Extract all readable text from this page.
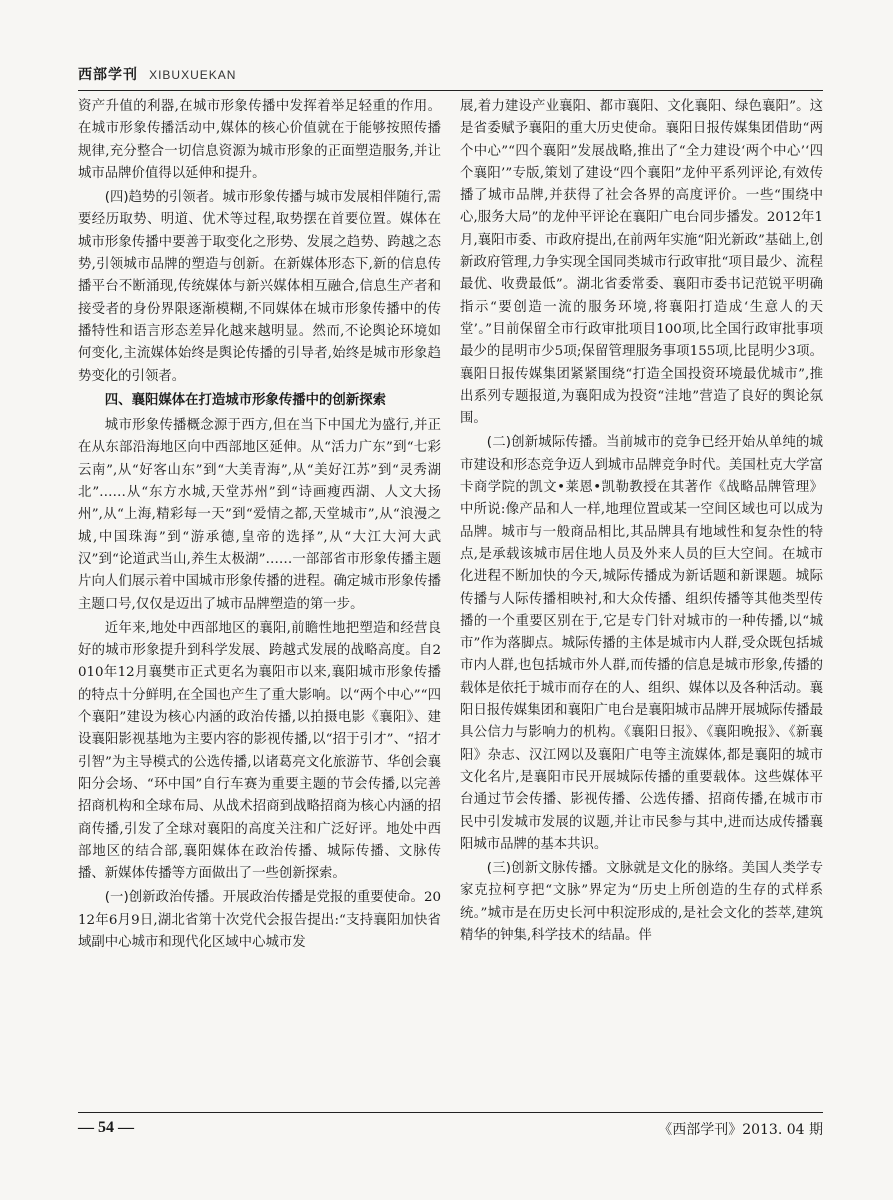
西部学刊 XIBUXUEKAN

资产升值的利器,在城市形象传播中发挥着举足轻重的作用。在城市形象传播活动中,媒体的核心价值就在于能够按照传播规律,充分整合一切信息资源为城市形象的正面塑造服务,并让城市品牌价值得以延伸和提升。

(四)趋势的引领者。城市形象传播与城市发展相伴随行,需要经历取势、明道、优术等过程,取势摆在首要位置。媒体在城市形象传播中要善于取变化之形势、发展之趋势、跨越之态势,引领城市品牌的塑造与创新。在新媒体形态下,新的信息传播平台不断涌现,传统媒体与新兴媒体相互融合,信息生产者和接受者的身份界限逐渐模糊,不同媒体在城市形象传播中的传播特性和语言形态差异化越来越明显。然而,不论舆论环境如何变化,主流媒体始终是舆论传播的引导者,始终是城市形象趋势变化的引领者。

四、襄阳媒体在打造城市形象传播中的创新探索

城市形象传播概念源于西方,但在当下中国尤为盛行,并正在从东部沿海地区向中西部地区延伸。从“活力广东”到“七彩云南”,从“好客山东”到“大美青海”,从“美好江苏”到“灵秀湖北”……从“东方水城,天堂苏州”到“诗画瘦西湖、人文大扬州”,从“上海,精彩每一天”到“爱情之都,天堂城市”,从“浪漫之城,中国珠海”到“游承德,皇帝的选择”,从“大江大河大武汉”到“论道武当山,养生太极湖”……一部部省市形象传播主题片向人们展示着中国城市形象传播的进程。确定城市形象传播主题口号,仅仅是迈出了城市品牌塑造的第一步。

近年来,地处中西部地区的襄阳,前瞻性地把塑造和经营良好的城市形象提升到科学发展、跨越式发展的战略高度。自2010年12月襄樊市正式更名为襄阳市以来,襄阳城市形象传播的特点十分鲜明,在全国也产生了重大影响。以“两个中心”“四个襄阳”建设为核心内涵的政治传播,以拍摄电影《襄阳》、建设襄阳影视基地为主要内容的影视传播,以“招于引才”、“招才引智”为主导模式的公选传播,以诸葛亮文化旅游节、华创会襄阳分会场、“环中国”自行车赛为重要主题的节会传播,以完善招商机构和全球布局、从战术招商到战略招商为核心内涵的招商传播,引发了全球对襄阳的高度关注和广泛好评。地处中西部地区的结合部,襄阳媒体在政治传播、城际传播、文脉传播、新媒体传播等方面做出了一些创新探索。

(一)创新政治传播。开展政治传播是党报的重要使命。2012年6月9日,湖北省第十次党代会报告提出:“支持襄阳加快省域副中心城市和现代化区域中心城市发

展,着力建设产业襄阳、都市襄阳、文化襄阳、绿色襄阳”。这是省委赋予襄阳的重大历史使命。襄阳日报传媒集团借助“两个中心”“四个襄阳”发展战略,推出了“全力建设‘两个中心’‘四个襄阳’”专版,策划了建设“四个襄阳”龙仲平系列评论,有效传播了城市品牌,并获得了社会各界的高度评价。一些“围绕中心,服务大局”的龙仲平评论在襄阳广电台同步播发。2012年1月,襄阳市委、市政府提出,在前两年实施“阳光新政”基础上,创新政府管理,力争实现全国同类城市行政审批“项目最少、流程最优、收费最低”。湖北省委常委、襄阳市委书记范锐平明确指示“要创造一流的服务环境,将襄阳打造成‘生意人的天堂’。”目前保留全市行政审批项目100项,比全国行政审批事项最少的昆明市少5项;保留管理服务事项155项,比昆明少3项。襄阳日报传媒集团紧紧围绕“打造全国投资环境最优城市”,推出系列专题报道,为襄阳成为投资“洼地”营造了良好的舆论氛围。

(二)创新城际传播。当前城市的竞争已经开始从单纯的城市建设和形态竞争迈人到城市品牌竞争时代。美国杜克大学富卡商学院的凯文•莱恩•凯勒教授在其著作《战略品牌管理》中所说:像产品和人一样,地理位置或某一空间区域也可以成为品牌。城市与一般商品相比,其品牌具有地域性和复杂性的特点,是承载该城市居住地人员及外来人员的巨大空间。在城市化进程不断加快的今天,城际传播成为新话题和新课题。城际传播与人际传播相映衬,和大众传播、组织传播等其他类型传播的一个重要区别在于,它是专门针对城市的一种传播,以“城市”作为落脚点。城际传播的主体是城市内人群,受众既包括城市内人群,也包括城市外人群,而传播的信息是城市形象,传播的载体是依托于城市而存在的人、组织、媒体以及各种活动。襄阳日报传媒集团和襄阳广电台是襄阳城市品牌开展城际传播最具公信力与影响力的机构。《襄阳日报》、《襄阳晚报》、《新襄阳》杂志、汉江网以及襄阳广电等主流媒体,都是襄阳的城市文化名片,是襄阳市民开展城际传播的重要载体。这些媒体平台通过节会传播、影视传播、公选传播、招商传播,在城市市民中引发城市发展的议题,并让市民参与其中,进而达成传播襄阳城市品牌的基本共识。

(三)创新文脉传播。文脉就是文化的脉络。美国人类学专家克拉柯亨把“文脉”界定为“历史上所创造的生存的式样系统。”城市是在历史长河中积淀形成的,是社会文化的荟萃,建筑精华的钟集,科学技术的结晶。伴

— 54 —	《西部学刊》2013. 04 期
